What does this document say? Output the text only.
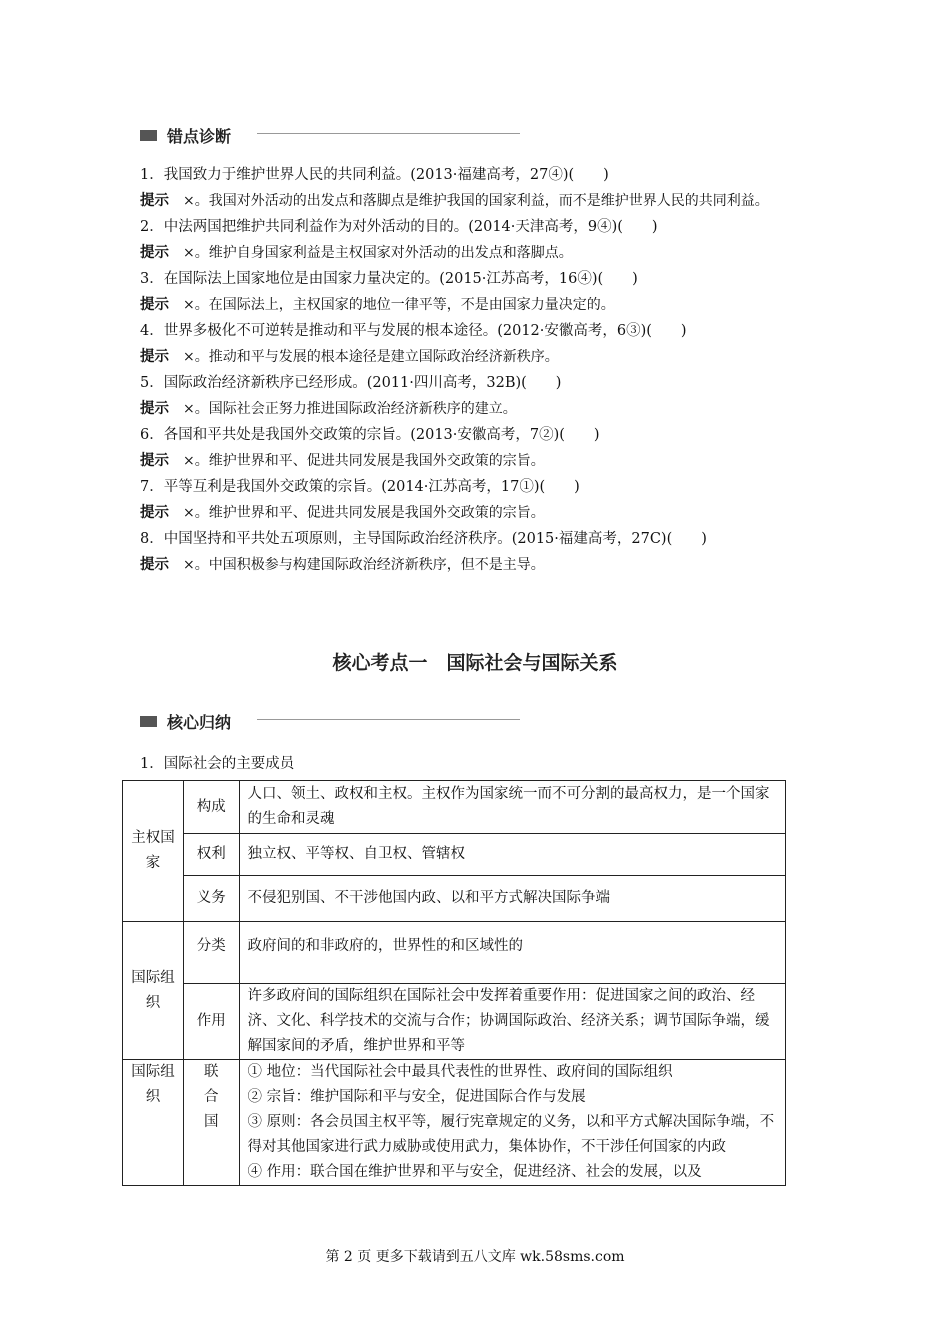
错点诊断
1．我国致力于维护世界人民的共同利益。(2013·福建高考，27④)(　　)
提示 ×。我国对外活动的出发点和落脚点是维护我国的国家利益，而不是维护世界人民的共同利益。
2．中法两国把维护共同利益作为对外活动的目的。(2014·天津高考，9④)(　　)
提示 ×。维护自身国家利益是主权国家对外活动的出发点和落脚点。
3．在国际法上国家地位是由国家力量决定的。(2015·江苏高考，16④)(　　)
提示 ×。在国际法上，主权国家的地位一律平等，不是由国家力量决定的。
4．世界多极化不可逆转是推动和平与发展的根本途径。(2012·安徽高考，6③)(　　)
提示 ×。推动和平与发展的根本途径是建立国际政治经济新秩序。
5．国际政治经济新秩序已经形成。(2011·四川高考，32B)(　　)
提示 ×。国际社会正努力推进国际政治经济新秩序的建立。
6．各国和平共处是我国外交政策的宗旨。(2013·安徽高考，7②)(　　)
提示 ×。维护世界和平、促进共同发展是我国外交政策的宗旨。
7．平等互利是我国外交政策的宗旨。(2014·江苏高考，17①)(　　)
提示 ×。维护世界和平、促进共同发展是我国外交政策的宗旨。
8．中国坚持和平共处五项原则，主导国际政治经济秩序。(2015·福建高考，27C)(　　)
提示 ×。中国积极参与构建国际政治经济新秩序，但不是主导。
核心考点一　国际社会与国际关系
核心归纳
1．国际社会的主要成员
主权国家	构成	人口、领土、政权和主权。主权作为国家统一而不可分割的最高权力，是一个国家的生命和灵魂
	权利	独立权、平等权、自卫权、管辖权
	义务	不侵犯别国、不干涉他国内政、以和平方式解决国际争端
国际组织	分类	政府间的和非政府的，世界性的和区域性的
	作用	许多政府间的国际组织在国际社会中发挥着重要作用：促进国家之间的政治、经济、文化、科学技术的交流与合作；协调国际政治、经济关系；调节国际争端，缓解国家间的矛盾，维护世界和平等
国际组织	联合国	① 地位：当代国际社会中最具代表性的世界性、政府间的国际组织
② 宗旨：维护国际和平与安全，促进国际合作与发展
③ 原则：各会员国主权平等，履行宪章规定的义务，以和平方式解决国际争端，不得对其他国家进行武力威胁或使用武力，集体协作，不干涉任何国家的内政
④ 作用：联合国在维护世界和平与安全，促进经济、社会的发展，以及
第 2 页 更多下载请到五八文库 wk.58sms.com
